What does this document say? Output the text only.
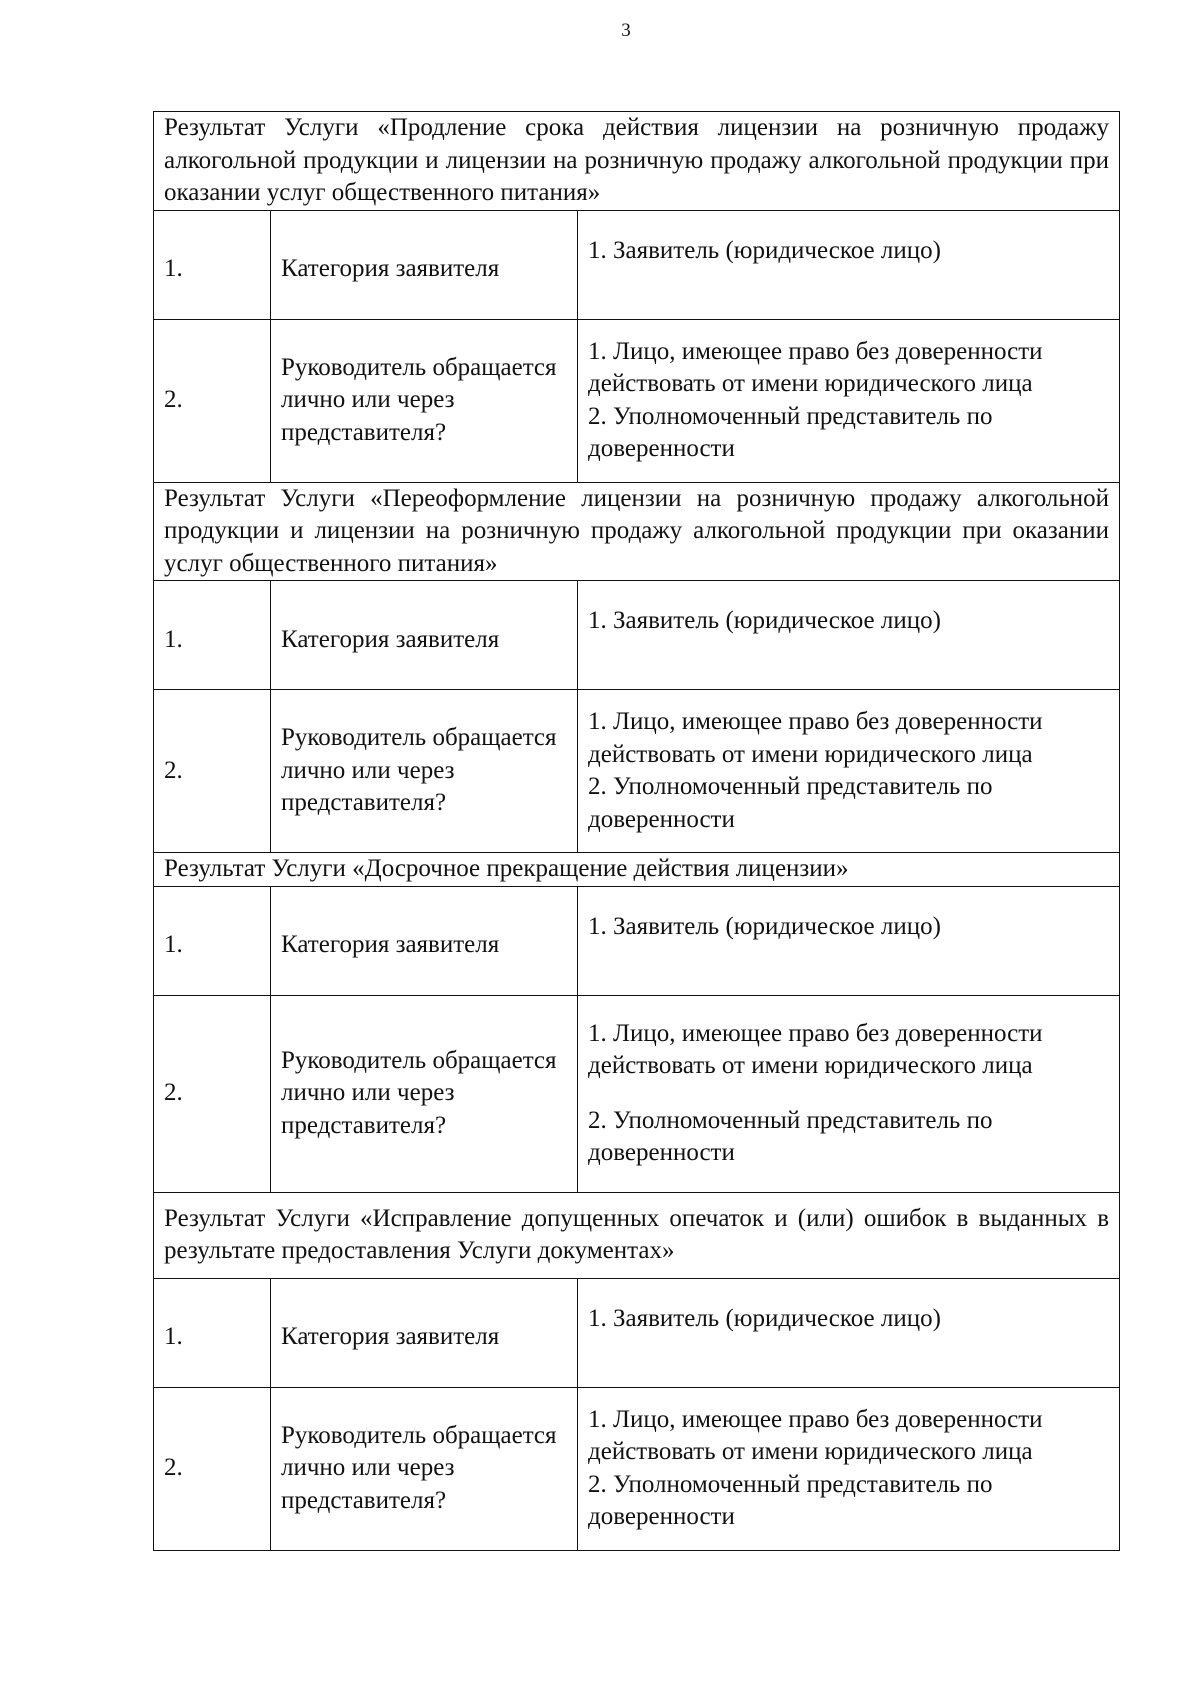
3
Результат Услуги «Продление срока действия лицензии на розничную продажу алкогольной продукции и лицензии на розничную продажу алкогольной продукции при оказании услуг общественного питания»		
1.	Категория заявителя	1. Заявитель (юридическое лицо)

2.	Руководитель обращается лично или через представителя?	1. Лицо, имеющее право без доверенности действовать от имени юридического лица
2. Уполномоченный представитель по доверенности

Результат Услуги «Переоформление лицензии на розничную продажу алкогольной продукции и лицензии на розничную продажу алкогольной продукции при оказании услуг общественного питания»		
1.	Категория заявителя	1. Заявитель (юридическое лицо)

2.	Руководитель обращается лично или через представителя?	1. Лицо, имеющее право без доверенности действовать от имени юридического лица
2. Уполномоченный представитель по доверенности

Результат Услуги «Досрочное прекращение действия лицензии»		
1.	Категория заявителя	1. Заявитель (юридическое лицо)

2.	Руководитель обращается лично или через представителя?	1. Лицо, имеющее право без доверенности действовать от имени юридического лица
2. Уполномоченный представитель по доверенности

Результат Услуги «Исправление допущенных опечаток и (или) ошибок в выданных в результате предоставления Услуги документах»		
1.	Категория заявителя	1. Заявитель (юридическое лицо)

2.	Руководитель обращается лично или через представителя?	1. Лицо, имеющее право без доверенности действовать от имени юридического лица
2. Уполномоченный представитель по доверенности
